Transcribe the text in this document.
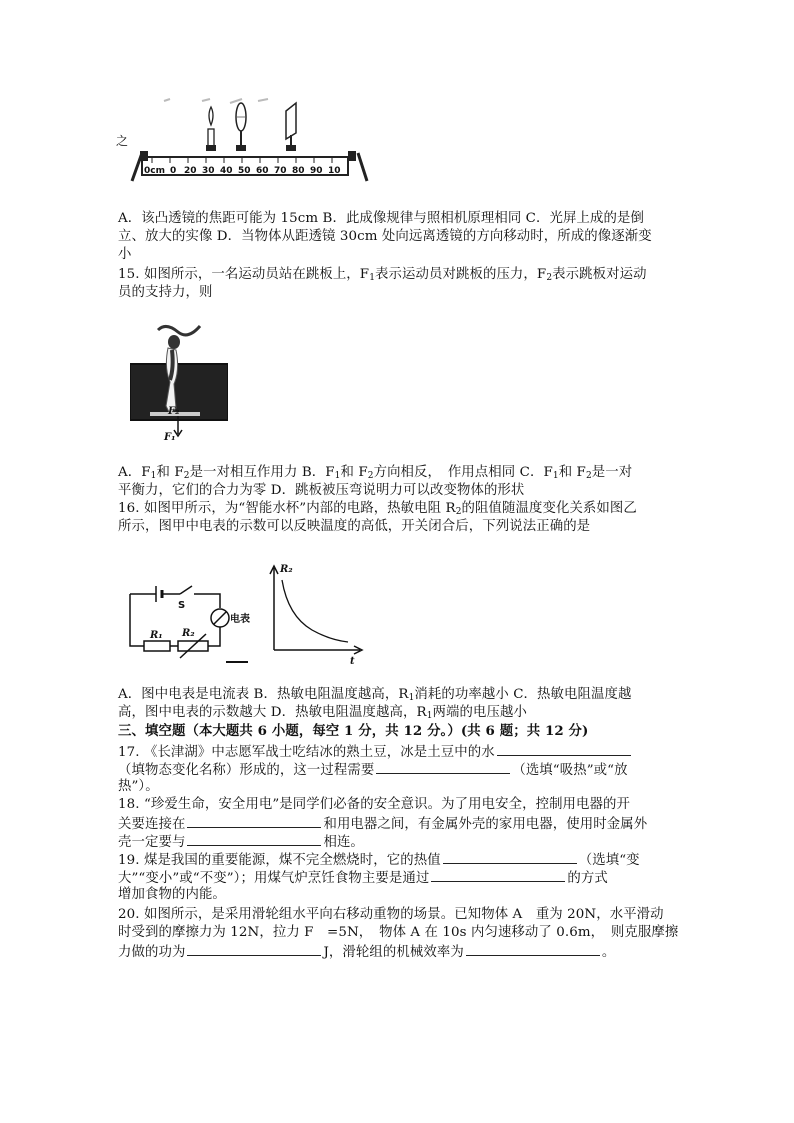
之
0cm 0 20 30 40 50 60 70 80 90 10
A．该凸透镜的焦距可能为 15cm B．此成像规律与照相机原理相同 C．光屏上成的是倒
立、放大的实像 D．当物体从距透镜 30cm 处向远离透镜的方向移动时，所成的像逐渐变
小
15. 如图所示，一名运动员站在跳板上，$F_1$表示运动员对跳板的压力，$F_2$表示跳板对运动
员的支持力，则
F₂
F₁
A．$F_1$和 $F_2$是一对相互作用力 B．$F_1$和 $F_2$方向相反，　作用点相同 C．$F_1$和 $F_2$是一对
平衡力，它们的合力为零 D．跳板被压弯说明力可以改变物体的形状
16. 如图甲所示，为“智能水杯”内部的电路，热敏电阻 $R_2$的阻值随温度变化关系如图乙
所示，图甲中电表的示数可以反映温度的高低，开关闭合后，下列说法正确的是
S
电表
R₁ R₂
R₂
t
A．图中电表是电流表 B．热敏电阻温度越高，$R_1$消耗的功率越小 C．热敏电阻温度越
高，图中电表的示数越大 D．热敏电阻温度越高，$R_1$两端的电压越小
三、填空题（本大题共 6 小题，每空 1 分，共 12 分。）(共 6 题；共 12 分)
17. 《长津湖》中志愿军战士吃结冰的熟土豆，冰是土豆中的水
（填物态变化名称）形成的，这一过程需要	（选填“吸热”或“放
热”）。
18. “珍爱生命，安全用电”是同学们必备的安全意识。为了用电安全，控制用电器的开
关要连接在	和用电器之间，有金属外壳的家用电器，使用时金属外
壳一定要与	相连。
19. 煤是我国的重要能源，煤不完全燃烧时，它的热值	（选填“变
大”“变小”或“不变”）；用煤气炉烹饪食物主要是通过	的方式
增加食物的内能。
20. 如图所示，是采用滑轮组水平向右移动重物的场景。已知物体 A　重为 20N，水平滑动
时受到的摩擦力为 12N，拉力 F　=5N，　物体 A 在 10s 内匀速移动了 0.6m，　则克服摩擦
力做的功为	J，滑轮组的机械效率为	。
